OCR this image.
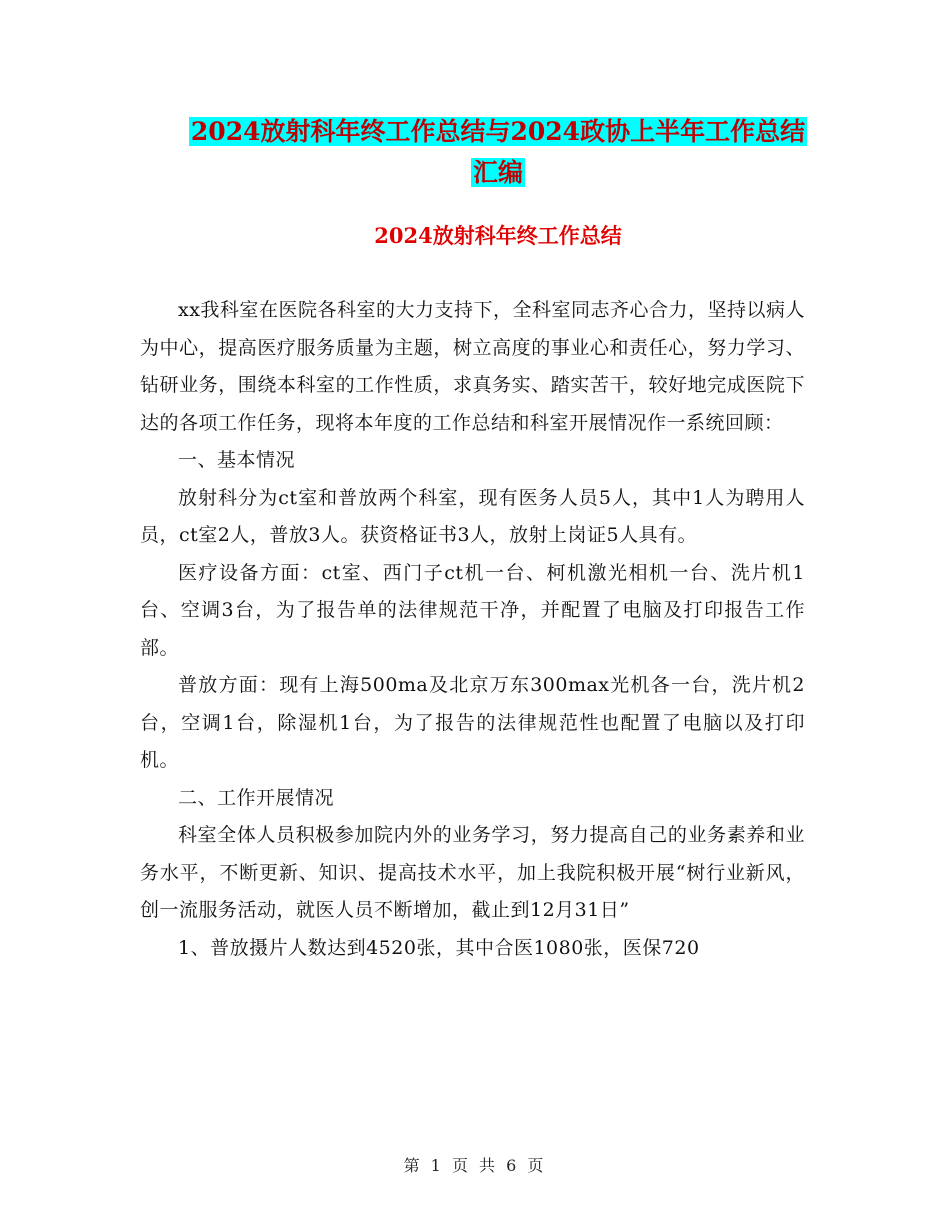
2024放射科年终工作总结与2024政协上半年工作总结
汇编
2024放射科年终工作总结

xx我科室在医院各科室的大力支持下，全科室同志齐心合力，坚持以病人为中心，提高医疗服务质量为主题，树立高度的事业心和责任心，努力学习、钻研业务，围绕本科室的工作性质，求真务实、踏实苦干，较好地完成医院下达的各项工作任务，现将本年度的工作总结和科室开展情况作一系统回顾：

一、基本情况

放射科分为ct室和普放两个科室，现有医务人员5人，其中1人为聘用人员，ct室2人，普放3人。获资格证书3人，放射上岗证5人具有。

医疗设备方面：ct室、西门子ct机一台、柯机激光相机一台、洗片机1台、空调3台，为了报告单的法律规范干净，并配置了电脑及打印报告工作部。

普放方面：现有上海500ma及北京万东300max光机各一台，洗片机2台，空调1台，除湿机1台，为了报告的法律规范性也配置了电脑以及打印机。

二、工作开展情况

科室全体人员积极参加院内外的业务学习，努力提高自己的业务素养和业务水平，不断更新、知识、提高技术水平，加上我院积极开展“树行业新风，创一流服务活动，就医人员不断增加，截止到12月31日”

1、普放摄片人数达到4520张，其中合医1080张，医保720

第 1 页 共 6 页
